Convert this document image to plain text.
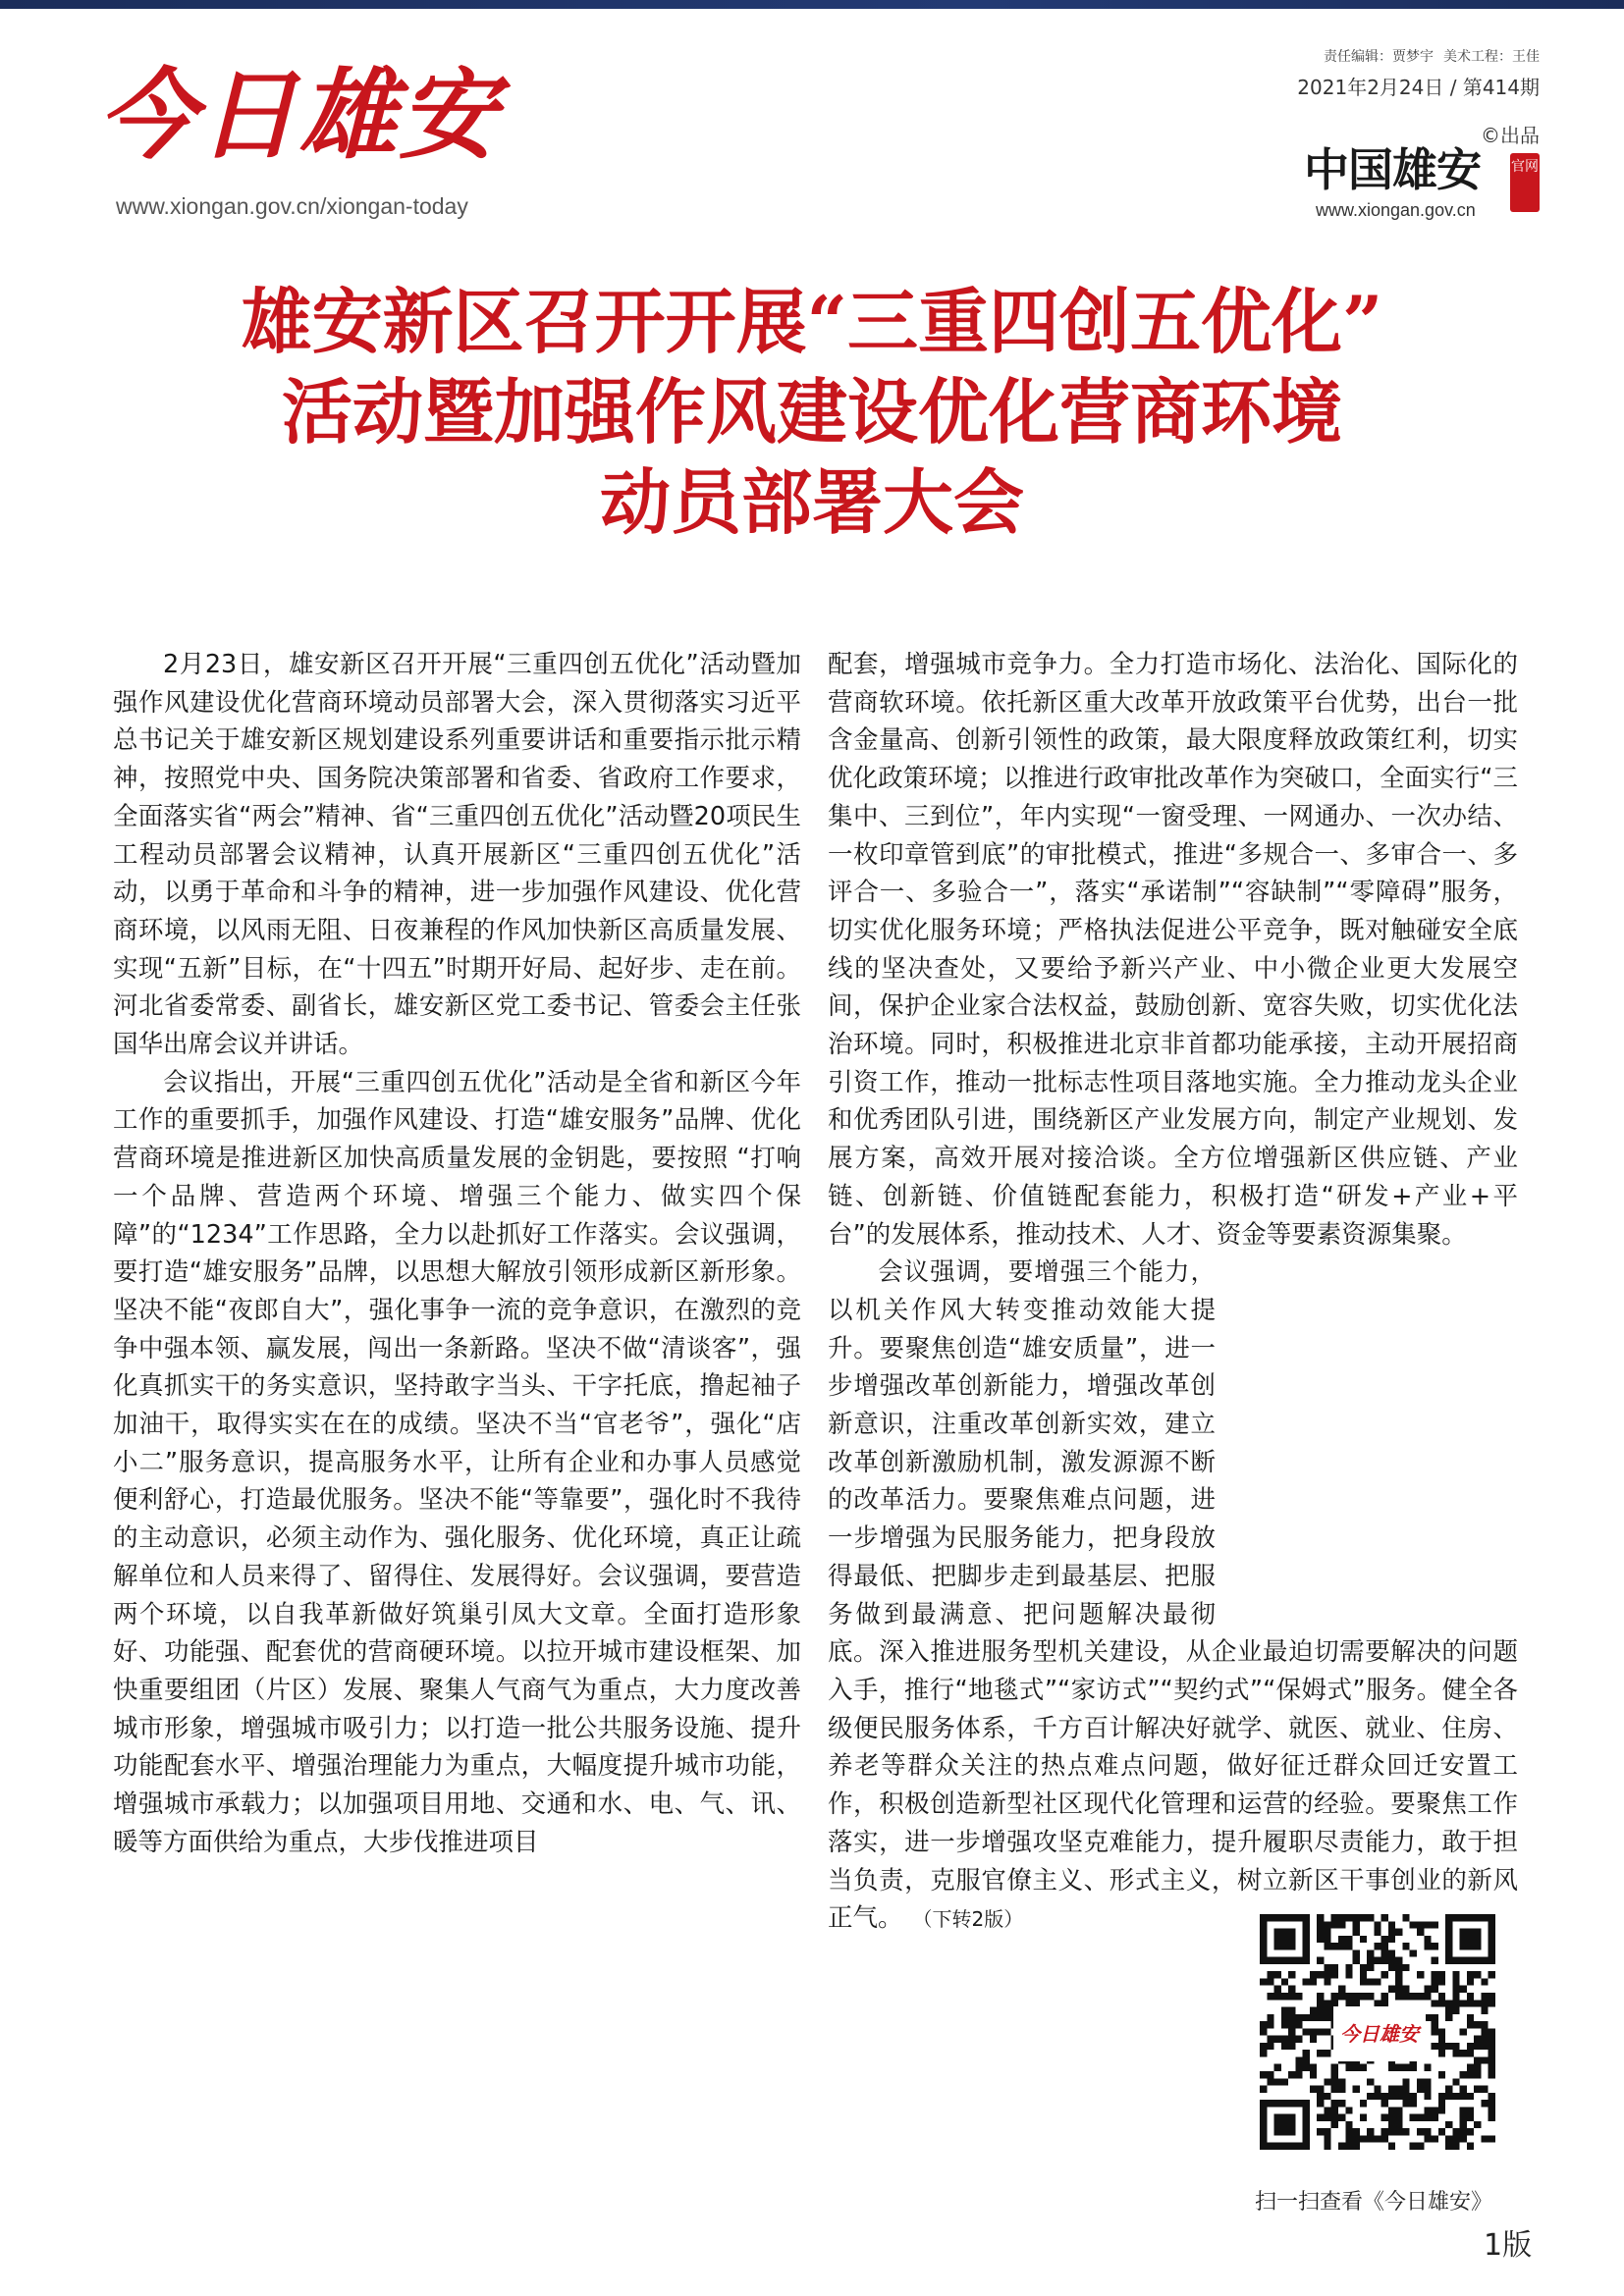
今日雄安
www.xiongan.gov.cn/xiongan-today
责任编辑：贾梦宇 美术工程：王佳
2021年2月24日 / 第414期
©出品
中国雄安	官网
www.xiongan.gov.cn
雄安新区召开开展“三重四创五优化”
活动暨加强作风建设优化营商环境
动员部署大会

2月23日，雄安新区召开开展“三重四创五优化”活动暨加强作风建设优化营商环境动员部署大会，深入贯彻落实习近平总书记关于雄安新区规划建设系列重要讲话和重要指示批示精神，按照党中央、国务院决策部署和省委、省政府工作要求，全面落实省“两会”精神、省“三重四创五优化”活动暨20项民生工程动员部署会议精神，认真开展新区“三重四创五优化”活动，以勇于革命和斗争的精神，进一步加强作风建设、优化营商环境，以风雨无阻、日夜兼程的作风加快新区高质量发展、实现“五新”目标，在“十四五”时期开好局、起好步、走在前。河北省委常委、副省长，雄安新区党工委书记、管委会主任张国华出席会议并讲话。

会议指出，开展“三重四创五优化”活动是全省和新区今年工作的重要抓手，加强作风建设、打造“雄安服务”品牌、优化营商环境是推进新区加快高质量发展的金钥匙，要按照 “打响一个品牌、营造两个环境、增强三个能力、做实四个保障”的“1234”工作思路，全力以赴抓好工作落实。会议强调，要打造“雄安服务”品牌，以思想大解放引领形成新区新形象。坚决不能“夜郎自大”，强化事争一流的竞争意识，在激烈的竞争中强本领、赢发展，闯出一条新路。坚决不做“清谈客”，强化真抓实干的务实意识，坚持敢字当头、干字托底，撸起袖子加油干，取得实实在在的成绩。坚决不当“官老爷”，强化“店小二”服务意识，提高服务水平，让所有企业和办事人员感觉便利舒心，打造最优服务。坚决不能“等靠要”，强化时不我待的主动意识，必须主动作为、强化服务、优化环境，真正让疏解单位和人员来得了、留得住、发展得好。会议强调，要营造两个环境，以自我革新做好筑巢引凤大文章。全面打造形象好、功能强、配套优的营商硬环境。以拉开城市建设框架、加快重要组团（片区）发展、聚集人气商气为重点，大力度改善城市形象，增强城市吸引力；以打造一批公共服务设施、提升功能配套水平、增强治理能力为重点，大幅度提升城市功能，增强城市承载力；以加强项目用地、交通和水、电、气、讯、暖等方面供给为重点，大步伐推进项目

配套，增强城市竞争力。全力打造市场化、法治化、国际化的营商软环境。依托新区重大改革开放政策平台优势，出台一批含金量高、创新引领性的政策，最大限度释放政策红利，切实优化政策环境；以推进行政审批改革作为突破口，全面实行“三集中、三到位”，年内实现“一窗受理、一网通办、一次办结、一枚印章管到底”的审批模式，推进“多规合一、多审合一、多评合一、多验合一”，落实“承诺制”“容缺制”“零障碍”服务，切实优化服务环境；严格执法促进公平竞争，既对触碰安全底线的坚决查处，又要给予新兴产业、中小微企业更大发展空间，保护企业家合法权益，鼓励创新、宽容失败，切实优化法治环境。同时，积极推进北京非首都功能承接，主动开展招商引资工作，推动一批标志性项目落地实施。全力推动龙头企业和优秀团队引进，围绕新区产业发展方向，制定产业规划、发展方案，高效开展对接洽谈。全方位增强新区供应链、产业链、创新链、价值链配套能力，积极打造“研发+产业+平台”的发展体系，推动技术、人才、资金等要素资源集聚。

会议强调，要增强三个能力，以机关作风大转变推动效能大提升。要聚焦创造“雄安质量”，进一步增强改革创新能力，增强改革创新意识，注重改革创新实效，建立改革创新激励机制，激发源源不断的改革活力。要聚焦难点问题，进一步增强为民服务能力，把身段放得最低、把脚步走到最基层、把服务做到最满意、把问题解决最彻底。深入推进服务型机关建设，从企业最迫切需要解决的问题入手，推行“地毯式”“家访式”“契约式”“保姆式”服务。健全各级便民服务体系，千方百计解决好就学、就医、就业、住房、养老等群众关注的热点难点问题，做好征迁群众回迁安置工作，积极创造新型社区现代化管理和运营的经验。要聚焦工作落实，进一步增强攻坚克难能力，提升履职尽责能力，敢于担当负责，克服官僚主义、形式主义，树立新区干事创业的新风正气。 （下转2版）

今日雄安
扫一扫查看《今日雄安》
1版
